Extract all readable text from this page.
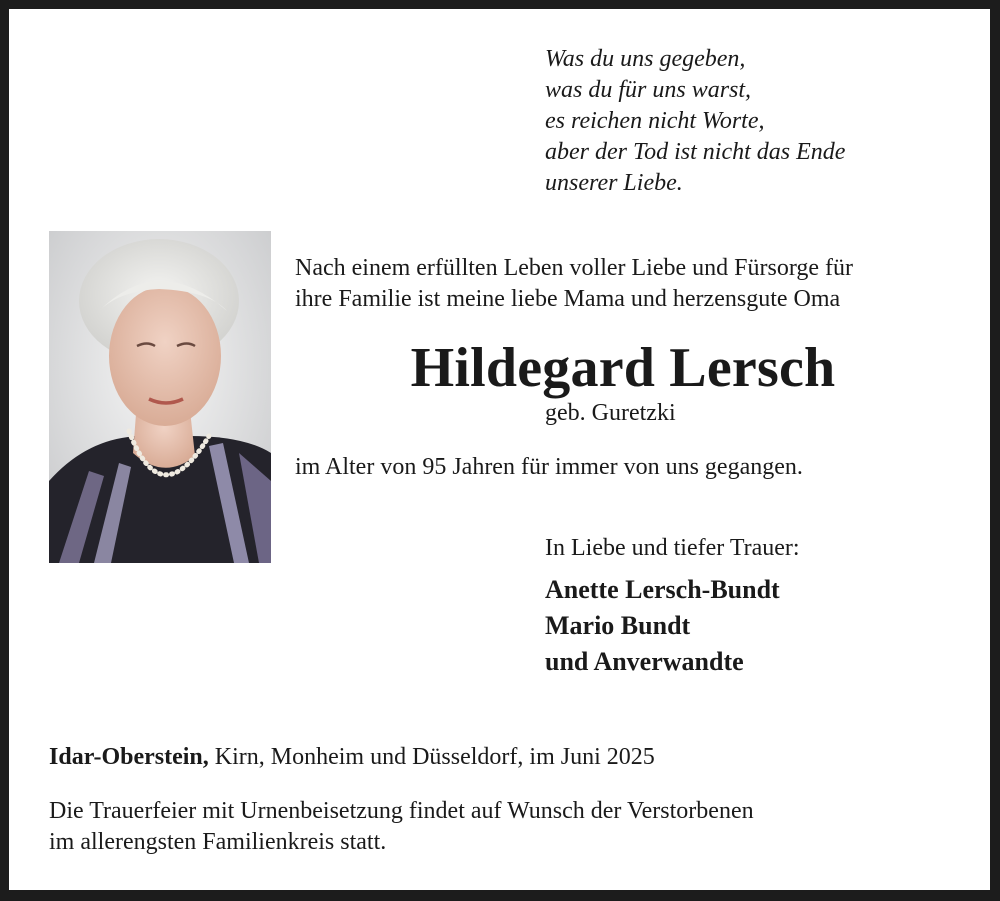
Was du uns gegeben,
was du für uns warst,
es reichen nicht Worte,
aber der Tod ist nicht das Ende
unserer Liebe.
Nach einem erfüllten Leben voller Liebe und Fürsorge für
ihre Familie ist meine liebe Mama und herzensgute Oma
Hildegard Lersch
geb. Guretzki
im Alter von 95 Jahren für immer von uns gegangen.
In Liebe und tiefer Trauer:
Anette Lersch-Bundt
Mario Bundt
und Anverwandte
Idar-Oberstein, Kirn, Monheim und Düsseldorf, im Juni 2025
Die Trauerfeier mit Urnenbeisetzung findet auf Wunsch der Verstorbenen
im allerengsten Familienkreis statt.
